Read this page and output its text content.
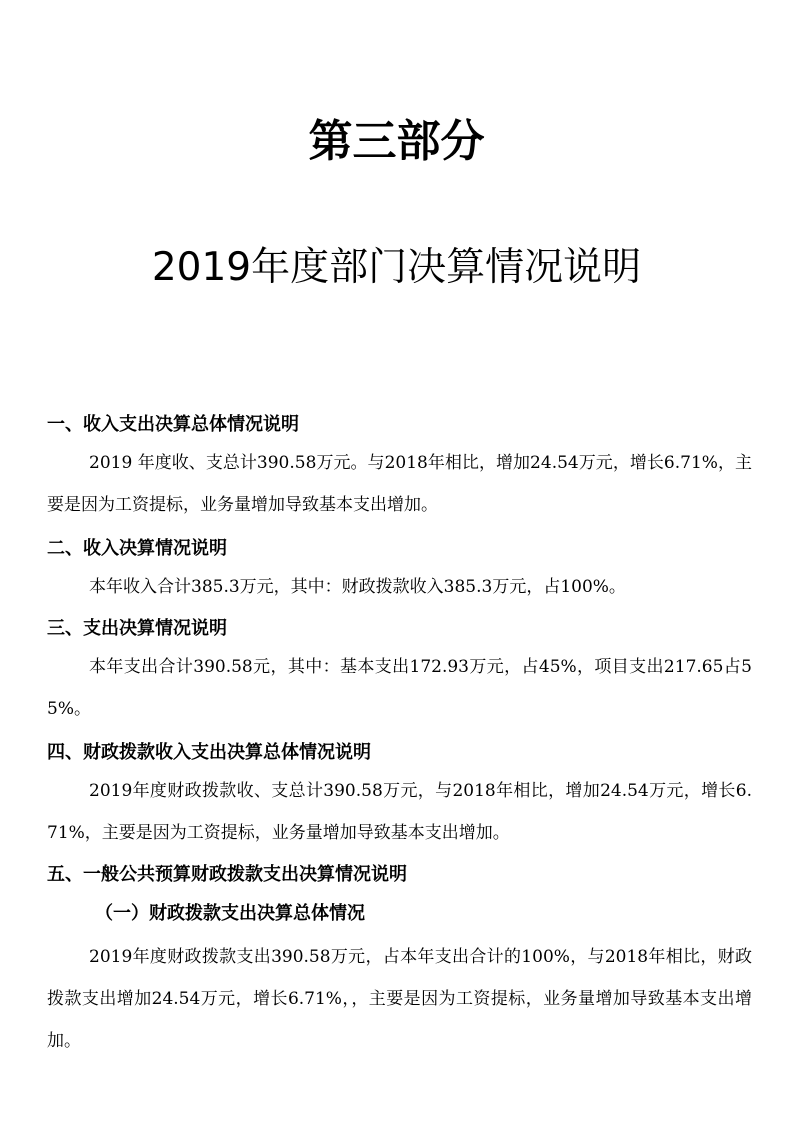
第三部分
2019年度部门决算情况说明
一、收入支出决算总体情况说明

2019 年度收、支总计390.58万元。与2018年相比，增加24.54万元，增长6.71%，主要是因为工资提标，业务量增加导致基本支出增加。

二、收入决算情况说明

本年收入合计385.3万元，其中：财政拨款收入385.3万元，占100%。

三、支出决算情况说明

本年支出合计390.58元，其中：基本支出172.93万元，占45%，项目支出217.65占55%。

四、财政拨款收入支出决算总体情况说明

2019年度财政拨款收、支总计390.58万元，与2018年相比，增加24.54万元，增长6.71%，主要是因为工资提标，业务量增加导致基本支出增加。

五、一般公共预算财政拨款支出决算情况说明
（一）财政拨款支出决算总体情况

2019年度财政拨款支出390.58万元，占本年支出合计的100%，与2018年相比，财政拨款支出增加24.54万元，增长6.71%，，主要是因为工资提标，业务量增加导致基本支出增加。
